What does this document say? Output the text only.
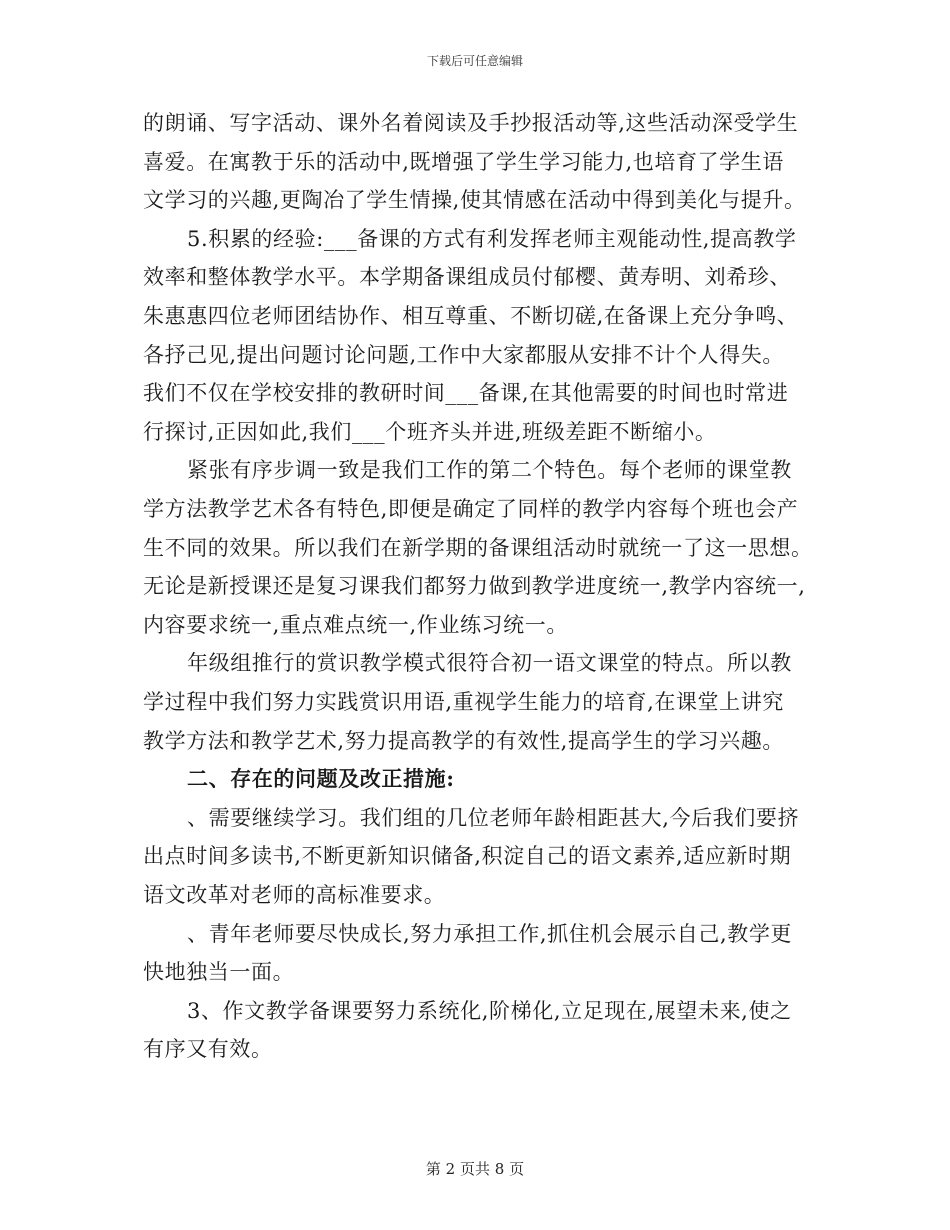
下载后可任意编辑
的朗诵、写字活动、课外名着阅读及手抄报活动等,这些活动深受学生
喜爱。在寓教于乐的活动中,既增强了学生学习能力,也培育了学生语
文学习的兴趣,更陶冶了学生情操,使其情感在活动中得到美化与提升。
5.积累的经验:___备课的方式有利发挥老师主观能动性,提高教学
效率和整体教学水平。本学期备课组成员付郁樱、黄寿明、刘希珍、
朱惠惠四位老师团结协作、相互尊重、不断切磋,在备课上充分争鸣、
各抒己见,提出问题讨论问题,工作中大家都服从安排不计个人得失。
我们不仅在学校安排的教研时间___备课,在其他需要的时间也时常进
行探讨,正因如此,我们___个班齐头并进,班级差距不断缩小。
紧张有序步调一致是我们工作的第二个特色。每个老师的课堂教
学方法教学艺术各有特色,即便是确定了同样的教学内容每个班也会产
生不同的效果。所以我们在新学期的备课组活动时就统一了这一思想。
无论是新授课还是复习课我们都努力做到教学进度统一,教学内容统一,
内容要求统一,重点难点统一,作业练习统一。
年级组推行的赏识教学模式很符合初一语文课堂的特点。所以教
学过程中我们努力实践赏识用语,重视学生能力的培育,在课堂上讲究
教学方法和教学艺术,努力提高教学的有效性,提高学生的学习兴趣。
二、存在的问题及改正措施:
、需要继续学习。我们组的几位老师年龄相距甚大,今后我们要挤
出点时间多读书,不断更新知识储备,积淀自己的语文素养,适应新时期
语文改革对老师的高标准要求。
、青年老师要尽快成长,努力承担工作,抓住机会展示自己,教学更
快地独当一面。
3、作文教学备课要努力系统化,阶梯化,立足现在,展望未来,使之
有序又有效。
第 2 页共 8 页
